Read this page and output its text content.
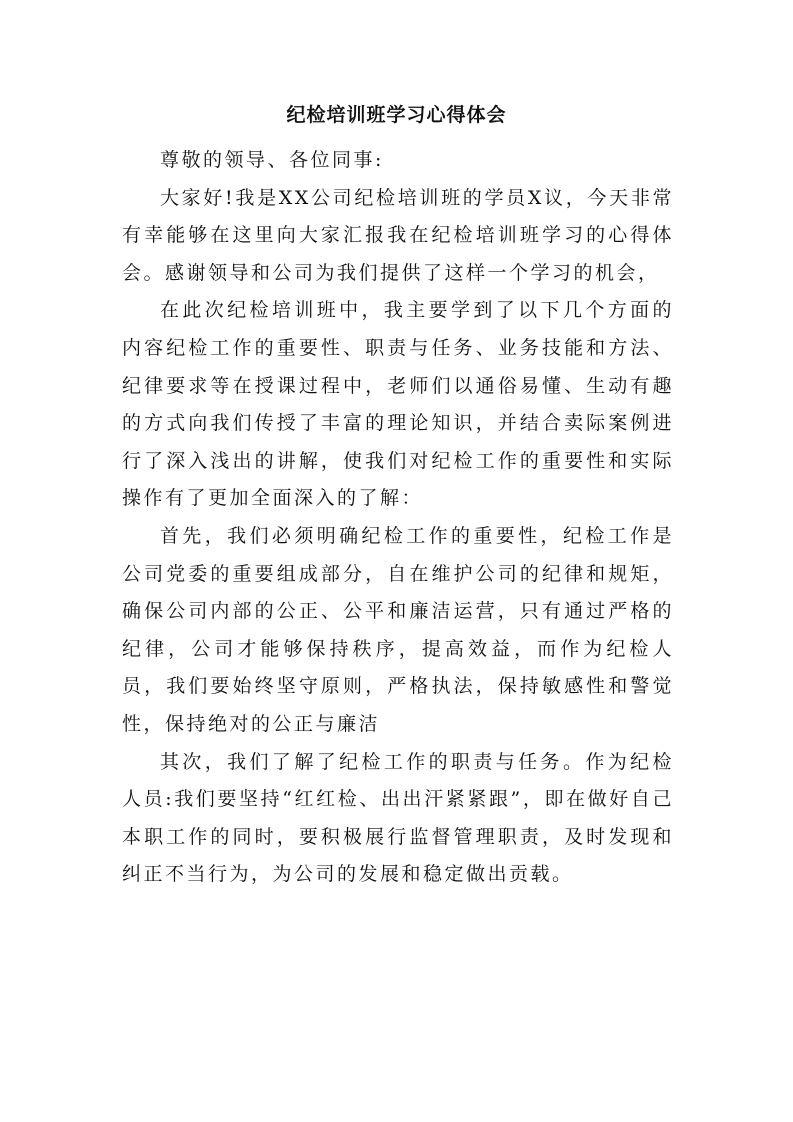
纪检培训班学习心得体会

尊敬的领导、各位同事:

大家好!我是XX公司纪检培训班的学员X议，今天非常有幸能够在这里向大家汇报我在纪检培训班学习的心得体会。感谢领导和公司为我们提供了这样一个学习的机会，

在此次纪检培训班中，我主要学到了以下几个方面的内容纪检工作的重要性、职责与任务、业务技能和方法、纪律要求等在授课过程中，老师们以通俗易懂、生动有趣的方式向我们传授了丰富的理论知识，并结合卖际案例进行了深入浅出的讲解，使我们对纪检工作的重要性和实际操作有了更加全面深入的了解：

首先，我们必须明确纪检工作的重要性，纪检工作是公司党委的重要组成部分，自在维护公司的纪律和规矩，确保公司内部的公正、公平和廉洁运营，只有通过严格的纪律，公司才能够保持秩序，提高效益，而作为纪检人员，我们要始终坚守原则，严格执法，保持敏感性和警觉性，保持绝对的公正与廉洁

其次，我们了解了纪检工作的职责与任务。作为纪检人员:我们要坚持“红红检、出出汗紧紧跟”，即在做好自己本职工作的同时，要积极展行监督管理职责，及时发现和纠正不当行为，为公司的发展和稳定做出贡载。
